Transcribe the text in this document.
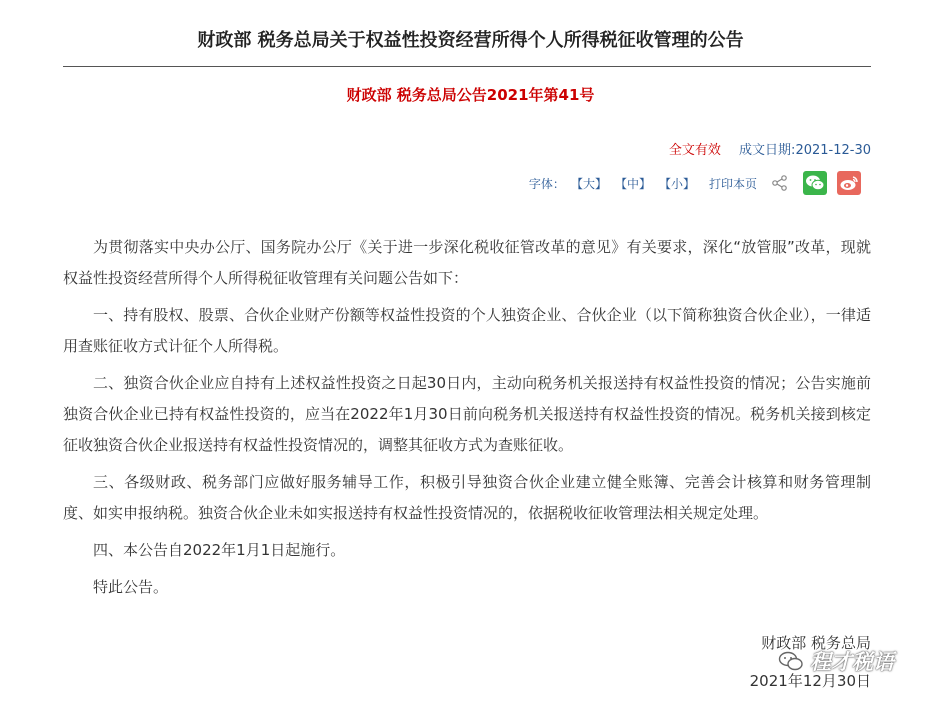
财政部 税务总局关于权益性投资经营所得个人所得税征收管理的公告
财政部 税务总局公告2021年第41号
全文有效 成文日期:2021-12-30
字体： 【大】 【中】 【小】 打印本页

为贯彻落实中央办公厅、国务院办公厅《关于进一步深化税收征管改革的意见》有关要求，深化“放管服”改革，现就权益性投资经营所得个人所得税征收管理有关问题公告如下：

一、持有股权、股票、合伙企业财产份额等权益性投资的个人独资企业、合伙企业（以下简称独资合伙企业），一律适用查账征收方式计征个人所得税。

二、独资合伙企业应自持有上述权益性投资之日起30日内，主动向税务机关报送持有权益性投资的情况；公告实施前独资合伙企业已持有权益性投资的，应当在2022年1月30日前向税务机关报送持有权益性投资的情况。税务机关接到核定征收独资合伙企业报送持有权益性投资情况的，调整其征收方式为查账征收。

三、各级财政、税务部门应做好服务辅导工作，积极引导独资合伙企业建立健全账簿、完善会计核算和财务管理制度、如实申报纳税。独资合伙企业未如实报送持有权益性投资情况的，依据税收征收管理法相关规定处理。

四、本公告自2022年1月1日起施行。

特此公告。

财政部 税务总局
2021年12月30日
程才税语
